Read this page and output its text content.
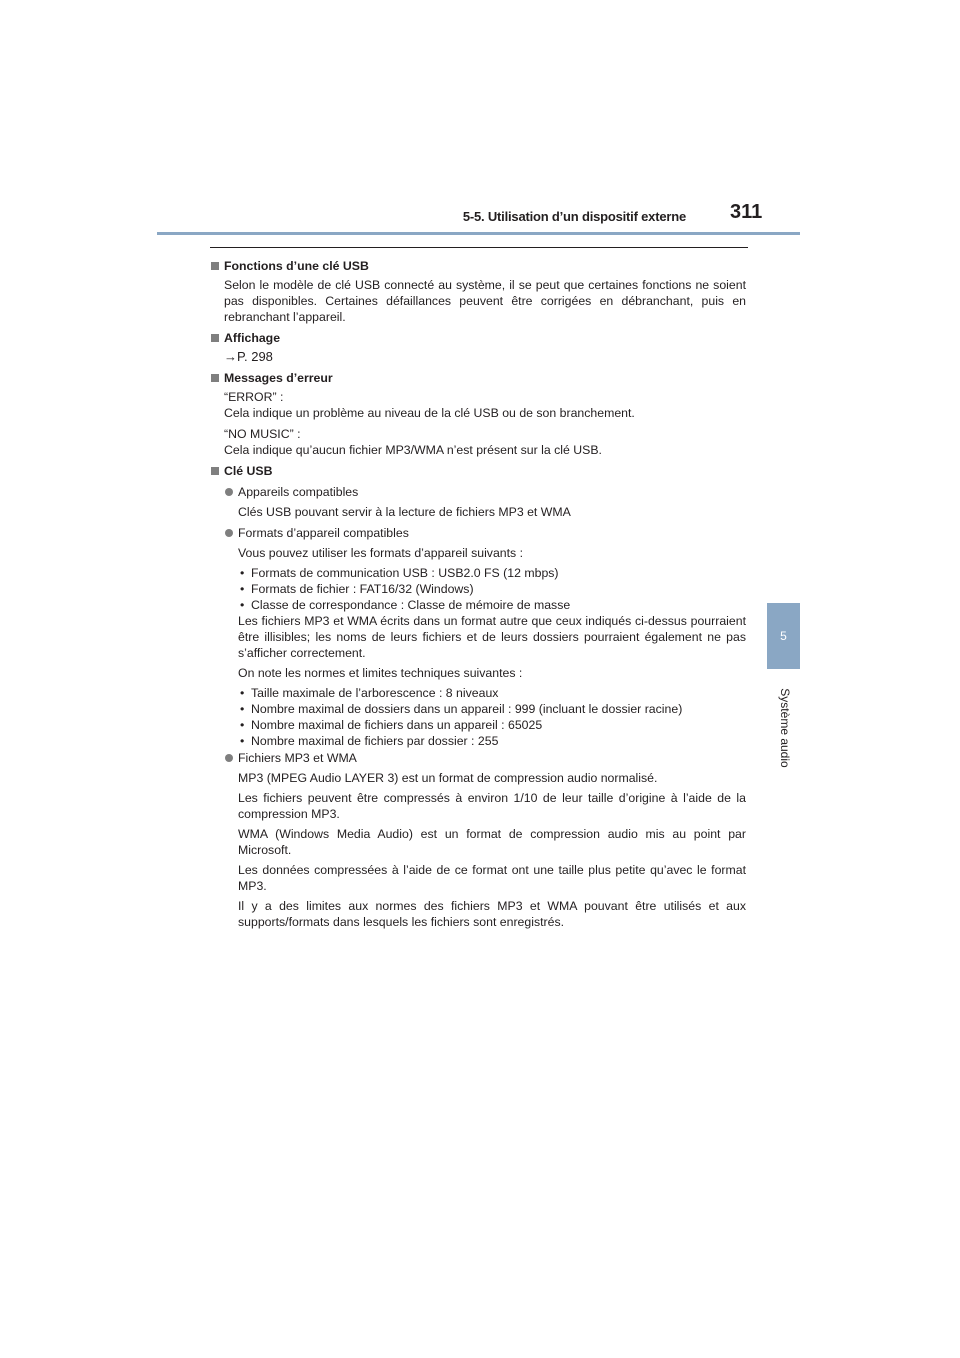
5-5. Utilisation d’un dispositif externe 311
5
Système audio
Fonctions d’une clé USB
Selon le modèle de clé USB connecté au système, il se peut que certaines fonctions ne soient pas disponibles. Certaines défaillances peuvent être corrigées en débranchant, puis en rebranchant l’appareil.
Affichage
→P. 298
Messages d’erreur
“ERROR” :
Cela indique un problème au niveau de la clé USB ou de son branchement.
“NO MUSIC” :
Cela indique qu’aucun fichier MP3/WMA n’est présent sur la clé USB.
Clé USB
Appareils compatibles
Clés USB pouvant servir à la lecture de fichiers MP3 et WMA
Formats d’appareil compatibles
Vous pouvez utiliser les formats d’appareil suivants :
• Formats de communication USB : USB2.0 FS (12 mbps)
• Formats de fichier : FAT16/32 (Windows)
• Classe de correspondance : Classe de mémoire de masse
Les fichiers MP3 et WMA écrits dans un format autre que ceux indiqués ci-dessus pourraient être illisibles; les noms de leurs fichiers et de leurs dossiers pourraient également ne pas s’afficher correctement.
On note les normes et limites techniques suivantes :
• Taille maximale de l’arborescence : 8 niveaux
• Nombre maximal de dossiers dans un appareil : 999 (incluant le dossier racine)
• Nombre maximal de fichiers dans un appareil : 65025
• Nombre maximal de fichiers par dossier : 255
Fichiers MP3 et WMA
MP3 (MPEG Audio LAYER 3) est un format de compression audio normalisé.
Les fichiers peuvent être compressés à environ 1/10 de leur taille d’origine à l’aide de la compression MP3.
WMA (Windows Media Audio) est un format de compression audio mis au point par Microsoft.
Les données compressées à l’aide de ce format ont une taille plus petite qu’avec le format MP3.
Il y a des limites aux normes des fichiers MP3 et WMA pouvant être utilisés et aux supports/formats dans lesquels les fichiers sont enregistrés.
